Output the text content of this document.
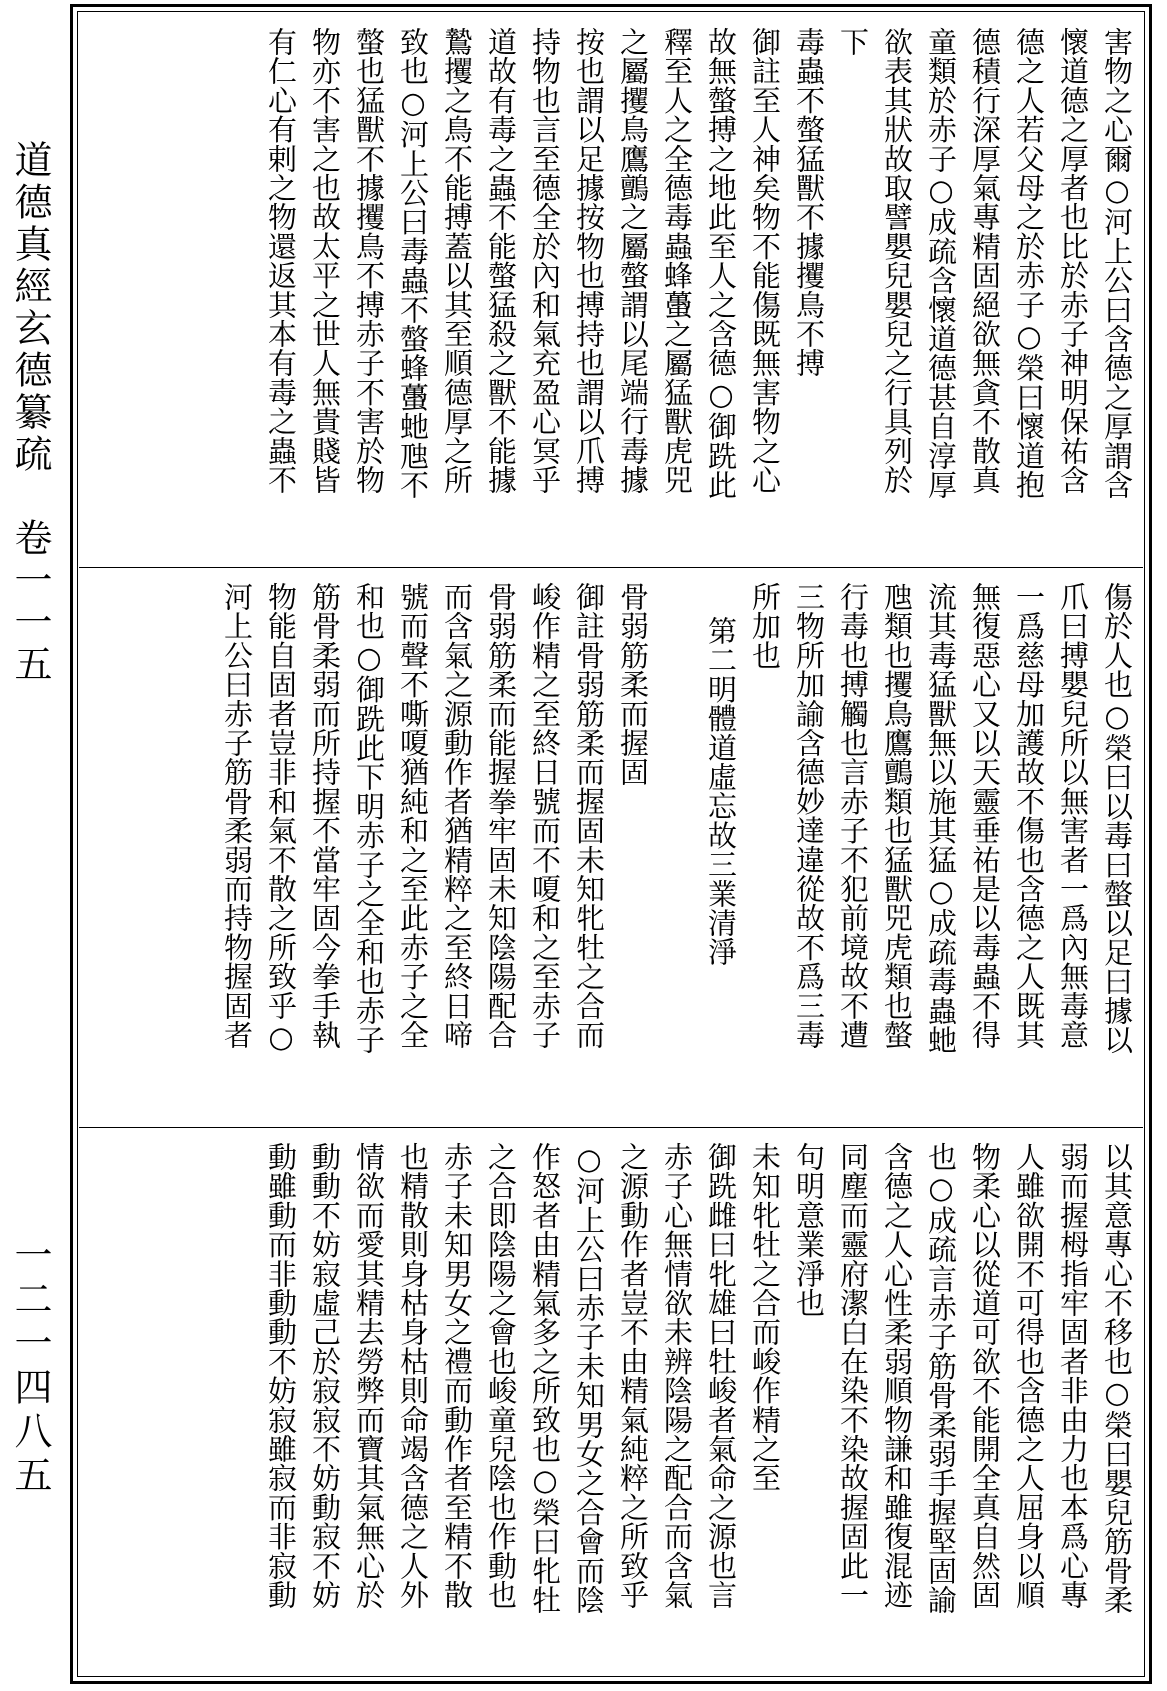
道德真經玄德纂疏　卷一一五
一二一四八五
害物之心爾○河上公曰含德之厚謂含
懷道德之厚者也比於赤子神明保祐含
德之人若父母之於赤子○榮曰懷道抱
德積行深厚氣專精固絕欲無貪不散真
童類於赤子○成疏含懷道德甚自淳厚
欲表其狀故取譬嬰兒嬰兒之行具列於
下
毒蟲不螫猛獸不據攫鳥不搏
御註至人神矣物不能傷既無害物之心
故無螫搏之地此至人之含德○御跣此
釋至人之全德毒蟲蜂蠆之屬猛獸虎兕
之屬攫鳥鷹鸇之屬螫謂以尾端行毒據
按也謂以足據按物也搏持也謂以爪搏
持物也言至德全於內和氣充盈心冥乎
道故有毒之蟲不能螫猛殺之獸不能據
鷙攫之鳥不能搏蓋以其至順德厚之所
致也○河上公曰毒蟲不螫蜂蠆虵虺不
螫也猛獸不據攫鳥不搏赤子不害於物
物亦不害之也故太平之世人無貴賤皆
有仁心有剌之物還返其本有毒之蟲不
傷於人也○榮曰以毒曰螫以足曰據以
爪曰搏嬰兒所以無害者一爲內無毒意
一爲慈母加護故不傷也含德之人既其
無復惡心又以天靈垂祐是以毒蟲不得
流其毒猛獸無以施其猛○成疏毒蟲虵
虺類也攫鳥鷹鸇類也猛獸兕虎類也螫
行毒也搏觸也言赤子不犯前境故不遭
三物所加諭含德妙達違從故不爲三毒
所加也
第二明體道虛忘故三業清淨
骨弱筋柔而握固
御註骨弱筋柔而握固未知牝牡之合而
峻作精之至終日號而不嗄和之至赤子
骨弱筋柔而能握拳牢固未知陰陽配合
而含氣之源動作者猶精粹之至終日啼
號而聲不嘶嗄猶純和之至此赤子之全
和也○御跣此下明赤子之全和也赤子
筋骨柔弱而所持握不當牢固今拳手執
物能自固者豈非和氣不散之所致乎○
河上公曰赤子筋骨柔弱而持物握固者
以其意專心不移也○榮曰嬰兒筋骨柔
弱而握栂指牢固者非由力也本爲心專
人雖欲開不可得也含德之人屈身以順
物柔心以從道可欲不能開全真自然固
也○成疏言赤子筋骨柔弱手握堅固諭
含德之人心性柔弱順物謙和雖復混迹
同塵而靈府潔白在染不染故握固此一
句明意業淨也
未知牝牡之合而峻作精之至
御跣雌曰牝雄曰牡峻者氣命之源也言
赤子心無情欲未辨陰陽之配合而含氣
之源動作者豈不由精氣純粹之所致乎
○河上公曰赤子未知男女之合會而陰
作怒者由精氣多之所致也○榮曰牝牡
之合即陰陽之會也峻童兒陰也作動也
赤子未知男女之禮而動作者至精不散
也精散則身枯身枯則命竭含德之人外
情欲而愛其精去勞弊而寶其氣無心於
動動不妨寂虛己於寂寂不妨動寂不妨
動雖動而非動動不妨寂雖寂而非寂動
